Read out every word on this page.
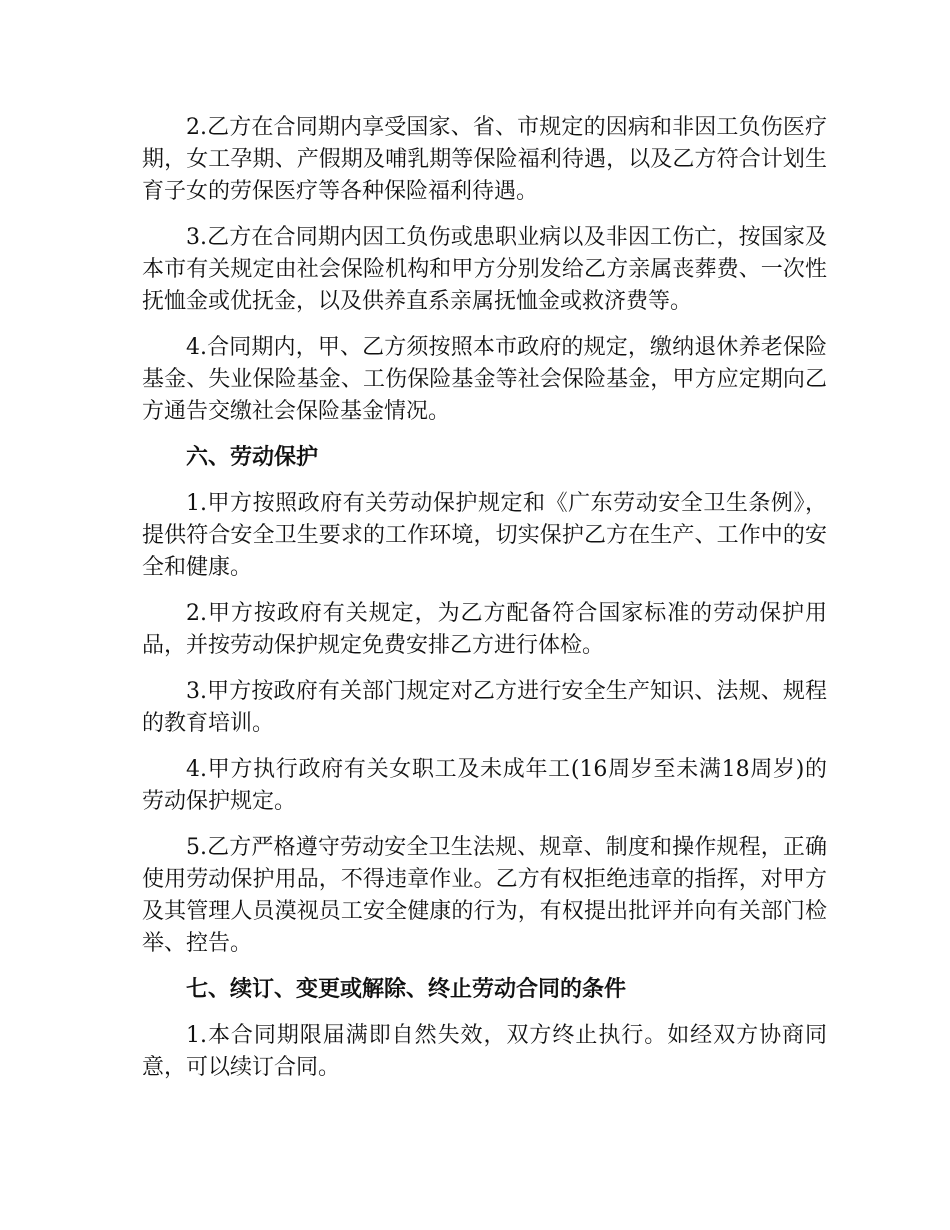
2.乙方在合同期内享受国家、省、市规定的因病和非因工负伤医疗期，女工孕期、产假期及哺乳期等保险福利待遇，以及乙方符合计划生育子女的劳保医疗等各种保险福利待遇。

3.乙方在合同期内因工负伤或患职业病以及非因工伤亡，按国家及本市有关规定由社会保险机构和甲方分别发给乙方亲属丧葬费、一次性抚恤金或优抚金，以及供养直系亲属抚恤金或救济费等。

4.合同期内，甲、乙方须按照本市政府的规定，缴纳退休养老保险基金、失业保险基金、工伤保险基金等社会保险基金，甲方应定期向乙方通告交缴社会保险基金情况。

六、劳动保护

1.甲方按照政府有关劳动保护规定和《广东劳动安全卫生条例》，提供符合安全卫生要求的工作环境，切实保护乙方在生产、工作中的安全和健康。

2.甲方按政府有关规定，为乙方配备符合国家标准的劳动保护用品，并按劳动保护规定免费安排乙方进行体检。

3.甲方按政府有关部门规定对乙方进行安全生产知识、法规、规程的教育培训。

4.甲方执行政府有关女职工及未成年工(16周岁至未满18周岁)的劳动保护规定。

5.乙方严格遵守劳动安全卫生法规、规章、制度和操作规程，正确使用劳动保护用品，不得违章作业。乙方有权拒绝违章的指挥，对甲方及其管理人员漠视员工安全健康的行为，有权提出批评并向有关部门检举、控告。

七、续订、变更或解除、终止劳动合同的条件

1.本合同期限届满即自然失效，双方终止执行。如经双方协商同意，可以续订合同。
